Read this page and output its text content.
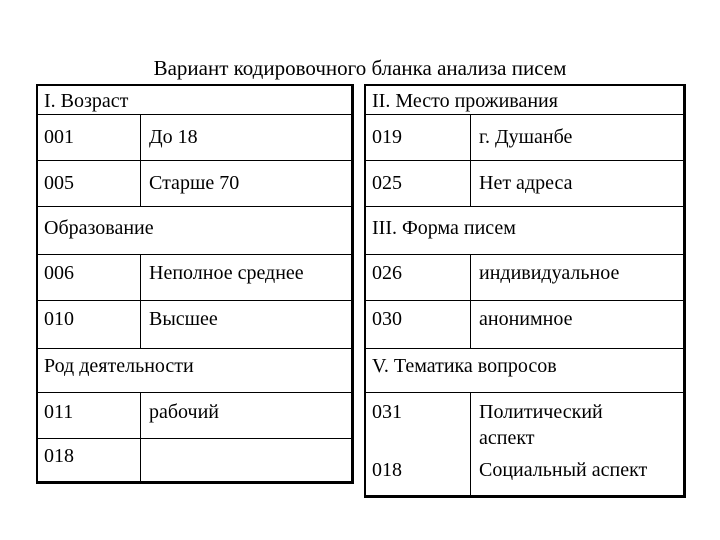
Вариант кодировочного бланка анализа писем
I. Возраст
001	До 18
005	Старше 70
Образование
006	Неполное среднее
010	Высшее
Род деятельности
011	рабочий
018
II. Место проживания
019	г. Душанбе
025	Нет адреса
III. Форма писем
026	индивидуальное
030	анонимное
V. Тематика вопросов
031	Политический аспект
018	Социальный аспект
